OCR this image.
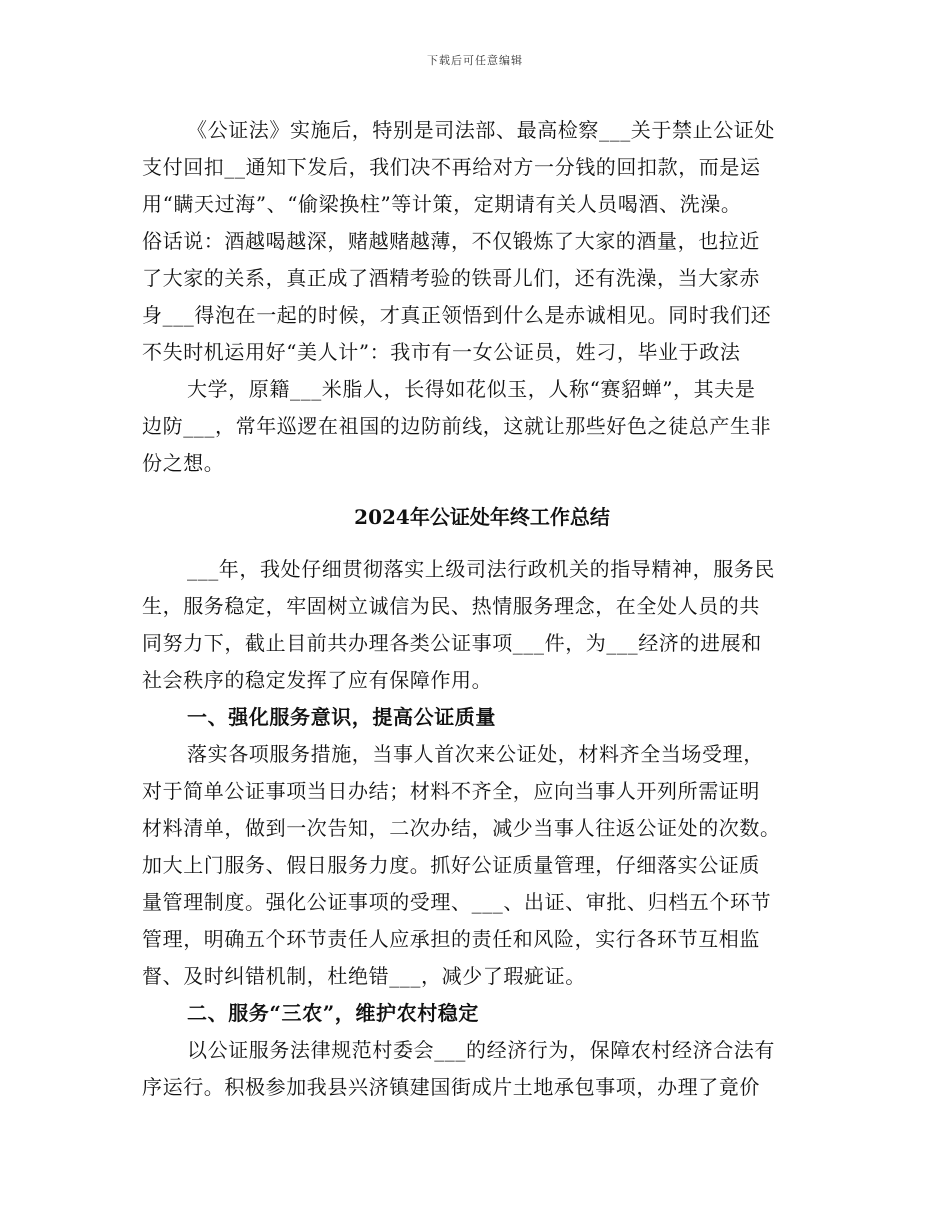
下载后可任意编辑
《公证法》实施后，特别是司法部、最高检察___关于禁止公证处
支付回扣__通知下发后，我们决不再给对方一分钱的回扣款，而是运
用“瞒天过海”、“偷梁换柱”等计策，定期请有关人员喝酒、洗澡。
俗话说：酒越喝越深，赌越赌越薄，不仅锻炼了大家的酒量，也拉近
了大家的关系，真正成了酒精考验的铁哥儿们，还有洗澡，当大家赤
身___得泡在一起的时候，才真正领悟到什么是赤诚相见。同时我们还
不失时机运用好“美人计”：我市有一女公证员，姓刁，毕业于政法
大学，原籍___米脂人，长得如花似玉，人称“赛貂蝉”，其夫是
边防___，常年巡逻在祖国的边防前线，这就让那些好色之徒总产生非
份之想。
2024年公证处年终工作总结
___年，我处仔细贯彻落实上级司法行政机关的指导精神，服务民
生，服务稳定，牢固树立诚信为民、热情服务理念，在全处人员的共
同努力下，截止目前共办理各类公证事项___件，为___经济的进展和
社会秩序的稳定发挥了应有保障作用。
一、强化服务意识，提高公证质量
落实各项服务措施，当事人首次来公证处，材料齐全当场受理，
对于简单公证事项当日办结；材料不齐全，应向当事人开列所需证明
材料清单，做到一次告知，二次办结，减少当事人往返公证处的次数。
加大上门服务、假日服务力度。抓好公证质量管理，仔细落实公证质
量管理制度。强化公证事项的受理、___、出证、审批、归档五个环节
管理，明确五个环节责任人应承担的责任和风险，实行各环节互相监
督、及时纠错机制，杜绝错___，减少了瑕疵证。
二、服务“三农”，维护农村稳定
以公证服务法律规范村委会___的经济行为，保障农村经济合法有
序运行。积极参加我县兴济镇建国街成片土地承包事项，办理了竟价
